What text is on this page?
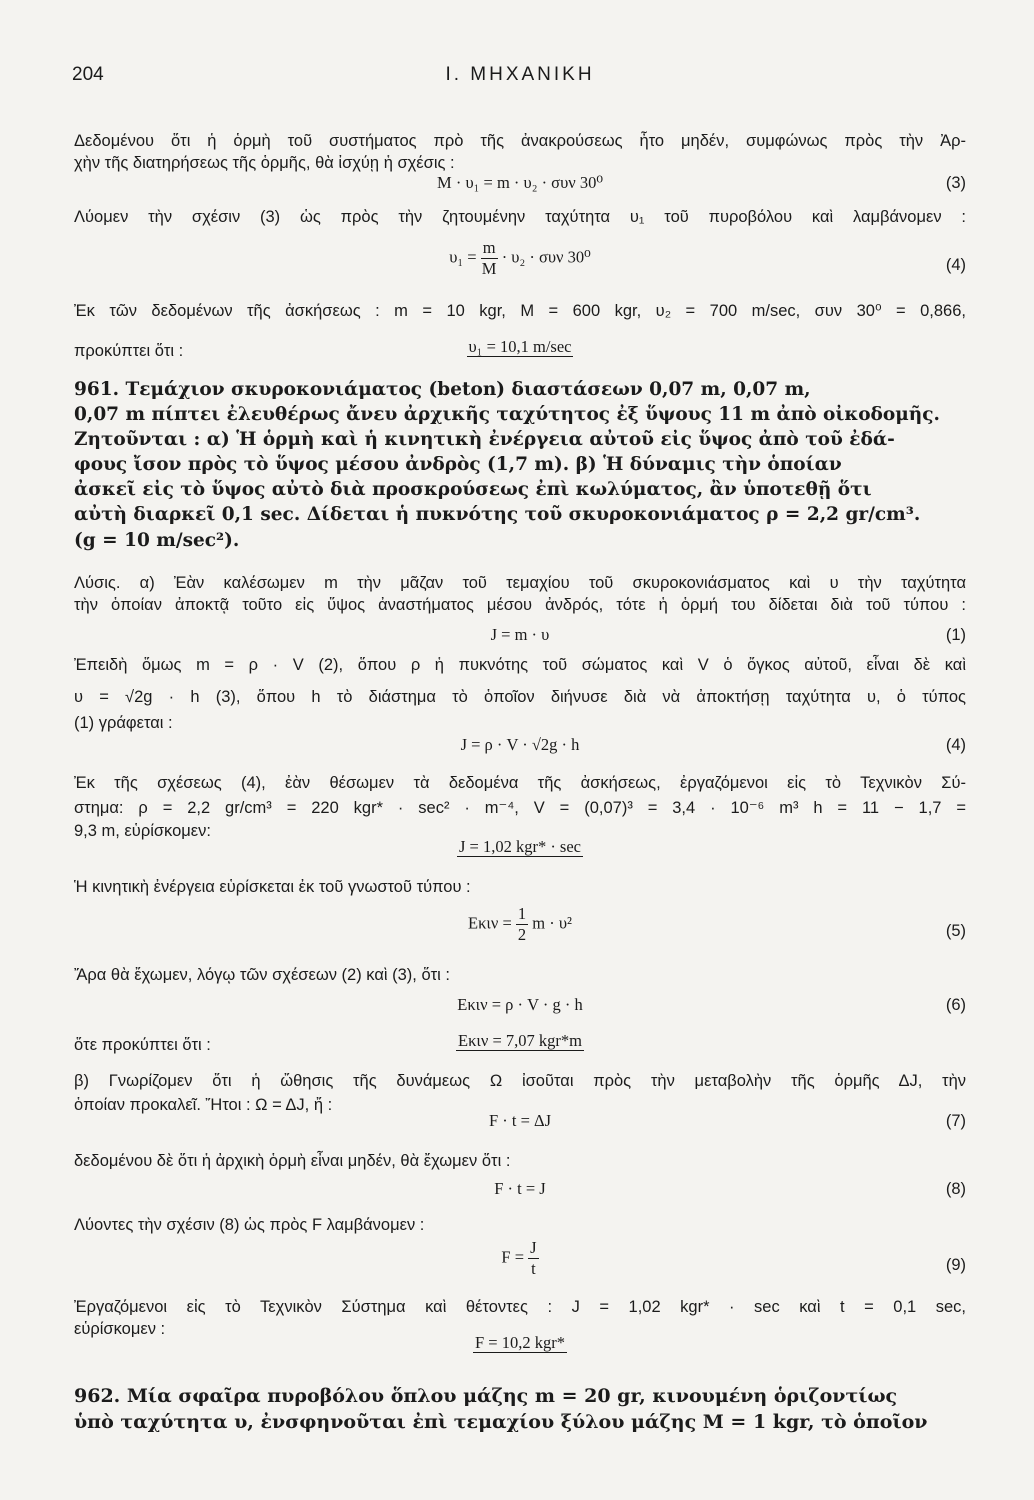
204	Ι. ΜΗΧΑΝΙΚΗ

Δεδομένου ὅτι ἡ ὁρμὴ τοῦ συστήματος πρὸ τῆς ἀνακρούσεως ἦτο μηδέν, συμφώνως πρὸς τὴν Ἀρ-

χὴν τῆς διατηρήσεως τῆς ὁρμῆς, θὰ ἰσχύῃ ἡ σχέσις :

M · υ₁ = m · υ₂ · συν 30⁰	(3)

Λύομεν τὴν σχέσιν (3) ὡς πρὸς τὴν ζητουμένην ταχύτητα υ₁ τοῦ πυροβόλου καὶ λαμβάνομεν :

$\upsilon_1 = \frac{m}{M} \cdot \upsilon_2 \cdot \sigma\upsilon\nu$ 30⁰	(4)

Ἐκ τῶν δεδομένων τῆς ἀσκήσεως : m = 10 kgr, M = 600 kgr, υ₂ = 700 m/sec, συν 30⁰ = 0,866,

προκύπτει ὅτι :	υ₁ = 10,1 m/sec

961. Τεμάχιον σκυροκονιάματος (beton) διαστάσεων 0,07 m, 0,07 m,

0,07 m πίπτει ἐλευθέρως ἄνευ ἀρχικῆς ταχύτητος ἐξ ὕψους 11 m ἀπὸ οἰκοδομῆς.

Ζητοῦνται : α) Ἡ ὁρμὴ καὶ ἡ κινητικὴ ἐνέργεια αὐτοῦ εἰς ὕψος ἀπὸ τοῦ ἐδά-

φους ἴσον πρὸς τὸ ὕψος μέσου ἀνδρὸς (1,7 m). β) Ἡ δύναμις τὴν ὁποίαν

ἀσκεῖ εἰς τὸ ὕψος αὐτὸ διὰ προσκρούσεως ἐπὶ κωλύματος, ἂν ὑποτεθῇ ὅτι

αὐτὴ διαρκεῖ 0,1 sec. Δίδεται ἡ πυκνότης τοῦ σκυροκονιάματος ρ = 2,2 gr/cm³.

(g = 10 m/sec²).

Λύσις. α) Ἐὰν καλέσωμεν m τὴν μᾶζαν τοῦ τεμαχίου τοῦ σκυροκονιάσματος καὶ υ τὴν ταχύτητα

τὴν ὁποίαν ἀποκτᾷ τοῦτο εἰς ὕψος ἀναστήματος μέσου ἀνδρός, τότε ἡ ὁρμή του δίδεται διὰ τοῦ τύπου :

J = m · υ	(1)

Ἐπειδὴ ὅμως m = ρ · V (2), ὅπου ρ ἡ πυκνότης τοῦ σώματος καὶ V ὁ ὄγκος αὐτοῦ, εἶναι δὲ καὶ

υ = √2g · h (3), ὅπου h τὸ διάστημα τὸ ὁποῖον διήνυσε διὰ νὰ ἀποκτήσῃ ταχύτητα υ, ὁ τύπος

(1) γράφεται :

J = ρ · V · √2g · h	(4)

Ἐκ τῆς σχέσεως (4), ἐὰν θέσωμεν τὰ δεδομένα τῆς ἀσκήσεως, ἐργαζόμενοι εἰς τὸ Τεχνικὸν Σύ-

στημα: ρ = 2,2 gr/cm³ = 220 kgr* · sec² · m⁻⁴, V = (0,07)³ = 3,4 · 10⁻⁶ m³ h = 11 − 1,7 =

9,3 m, εὑρίσκομεν:

J = 1,02 kgr* · sec

Ἡ κινητικὴ ἐνέργεια εὑρίσκεται ἐκ τοῦ γνωστοῦ τύπου :

$E\kappa\iota\nu = \frac{1}{2}$ m · υ²	(5)

Ἄρα θὰ ἔχωμεν, λόγῳ τῶν σχέσεων (2) καὶ (3), ὅτι :

Eκιν = ρ · V · g · h	(6)
ὅτε προκύπτει ὅτι :	Eκιν = 7,07 kgr*m

β) Γνωρίζομεν ὅτι ἡ ὤθησις τῆς δυνάμεως Ω ἰσοῦται πρὸς τὴν μεταβολὴν τῆς ὁρμῆς ΔJ, τὴν

ὁποίαν προκαλεῖ. Ἤτοι : Ω = ΔJ, ἤ :

F · t = ΔJ	(7)

δεδομένου δὲ ὅτι ἡ ἀρχικὴ ὁρμὴ εἶναι μηδέν, θὰ ἔχωμεν ὅτι :

F · t = J	(8)

Λύοντες τὴν σχέσιν (8) ὡς πρὸς F λαμβάνομεν :

$F = \frac{J}{t}$	(9)

Ἐργαζόμενοι εἰς τὸ Τεχνικὸν Σύστημα καὶ θέτοντες : J = 1,02 kgr* · sec καὶ t = 0,1 sec,

εὑρίσκομεν :

F = 10,2 kgr*

962. Μία σφαῖρα πυροβόλου ὅπλου μάζης m = 20 gr, κινουμένη ὁριζοντίως

ὑπὸ ταχύτητα υ, ἐνσφηνοῦται ἐπὶ τεμαχίου ξύλου μάζης M = 1 kgr, τὸ ὁποῖον
